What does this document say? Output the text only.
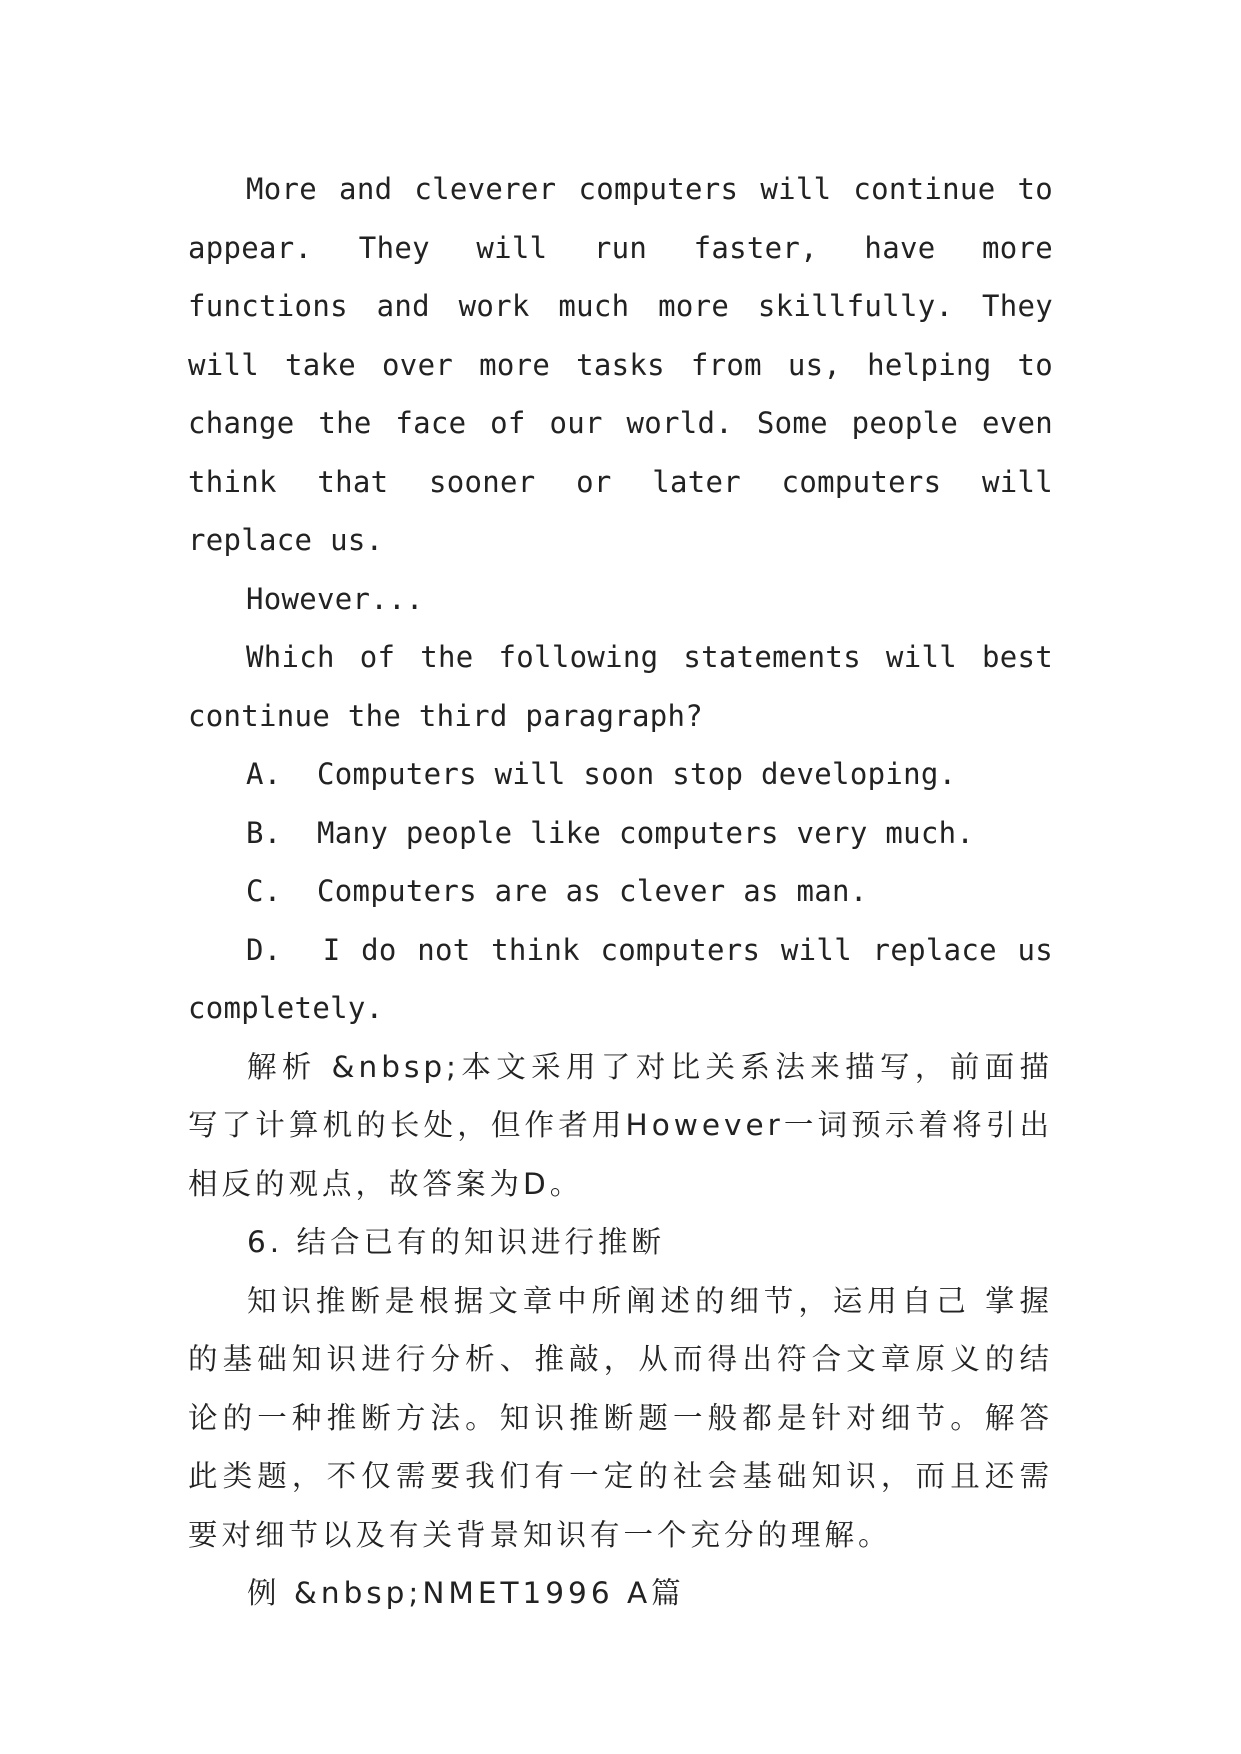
More and cleverer computers will continue to appear. They will run faster, have more functions and work much more skillfully. They will take over more tasks from us, helping to change the face of our world. Some people even think that sooner or later computers will replace us.

However...

Which of the following statements will best continue the third paragraph?

A.  Computers will soon stop developing.

B.  Many people like computers very much.

C.  Computers are as clever as man.

D.  I do not think computers will replace us completely.

解析 &nbsp;本文采用了对比关系法来描写，前面描写了计算机的长处，但作者用However一词预示着将引出相反的观点，故答案为D。

6. 结合已有的知识进行推断

知识推断是根据文章中所阐述的细节，运用自己 掌握的基础知识进行分析、推敲，从而得出符合文章原义的结论的一种推断方法。知识推断题一般都是针对细节。解答此类题，不仅需要我们有一定的社会基础知识，而且还需要对细节以及有关背景知识有一个充分的理解。

例 &nbsp;NMET1996 A篇
